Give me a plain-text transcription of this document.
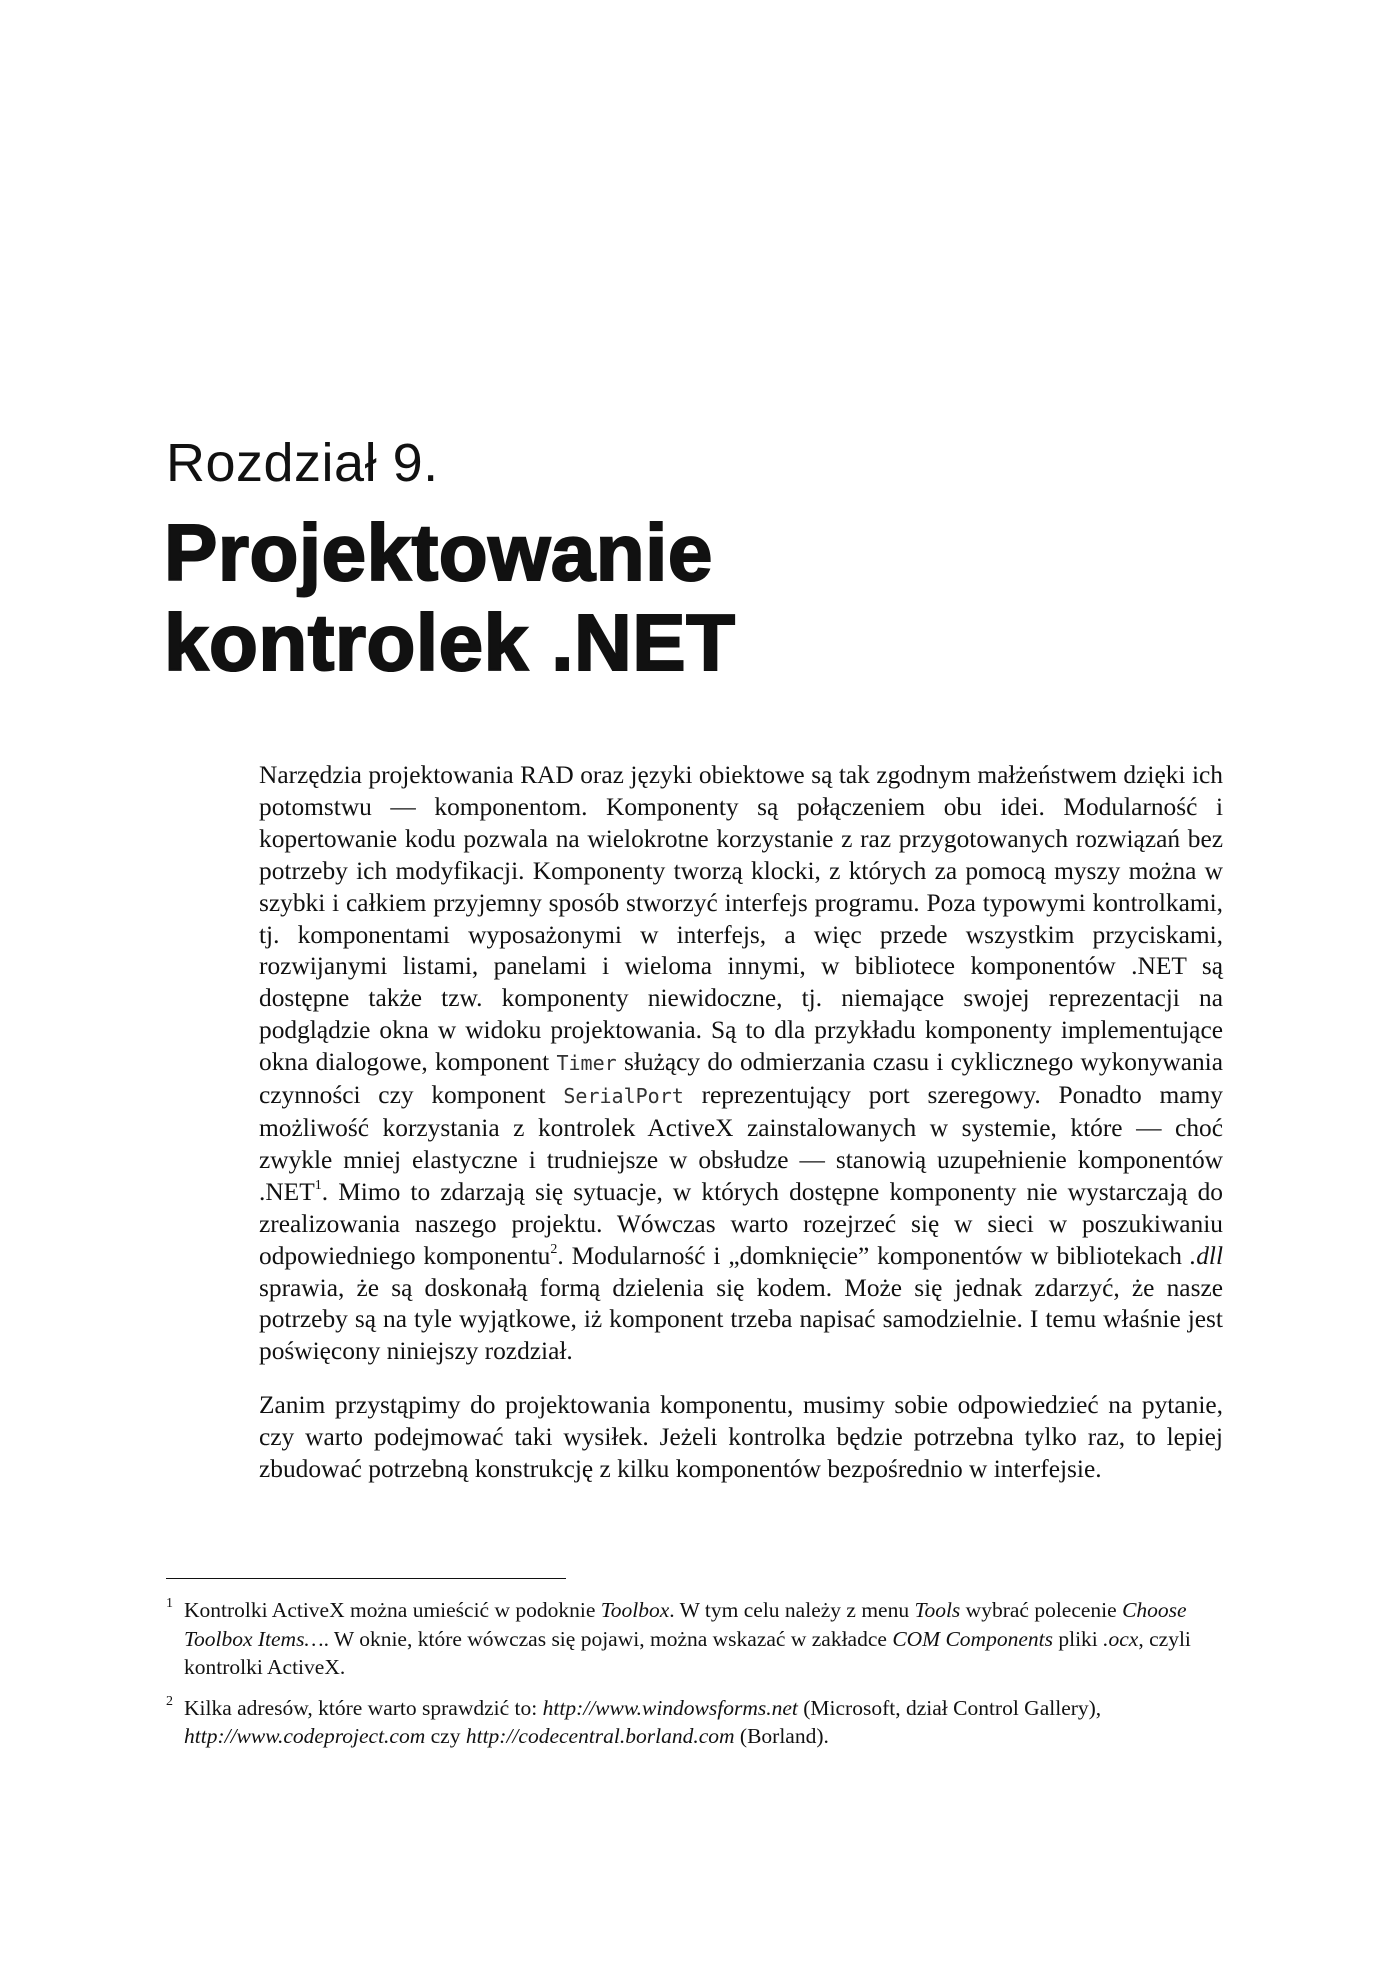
Rozdział 9.
Projektowanie
kontrolek .NET

Narzędzia projektowania RAD oraz języki obiektowe są tak zgodnym małżeństwem dzięki ich potomstwu — komponentom. Komponenty są połączeniem obu idei. Modularność i kopertowanie kodu pozwala na wielokrotne korzystanie z raz przygotowanych rozwiązań bez potrzeby ich modyfikacji. Komponenty tworzą klocki, z których za pomocą myszy można w szybki i całkiem przyjemny sposób stworzyć interfejs programu. Poza typowymi kontrolkami, tj. komponentami wyposażonymi w interfejs, a więc przede wszystkim przyciskami, rozwijanymi listami, panelami i wieloma innymi, w bibliotece komponentów .NET są dostępne także tzw. komponenty niewidoczne, tj. niemające swojej reprezentacji na podglądzie okna w widoku projektowania. Są to dla przykładu komponenty implementujące okna dialogowe, komponent Timer służący do odmierzania czasu i cyklicznego wykonywania czynności czy komponent SerialPort reprezentujący port szeregowy. Ponadto mamy możliwość korzystania z kontrolek ActiveX zainstalowanych w systemie, które — choć zwykle mniej elastyczne i trudniejsze w obsłudze — stanowią uzupełnienie komponentów .NET$^1$. Mimo to zdarzają się sytuacje, w których dostępne komponenty nie wystarczają do zrealizowania naszego projektu. Wówczas warto rozejrzeć się w sieci w poszukiwaniu odpowiedniego komponentu$^2$. Modularność i „domknięcie” komponentów w bibliotekach .dll sprawia, że są doskonałą formą dzielenia się kodem. Może się jednak zdarzyć, że nasze potrzeby są na tyle wyjątkowe, iż komponent trzeba napisać samodzielnie. I temu właśnie jest poświęcony niniejszy rozdział.

Zanim przystąpimy do projektowania komponentu, musimy sobie odpowiedzieć na pytanie, czy warto podejmować taki wysiłek. Jeżeli kontrolka będzie potrzebna tylko raz, to lepiej zbudować potrzebną konstrukcję z kilku komponentów bezpośrednio w interfejsie.

1 Kontrolki ActiveX można umieścić w podoknie Toolbox. W tym celu należy z menu Tools wybrać polecenie Choose Toolbox Items…. W oknie, które wówczas się pojawi, można wskazać w zakładce COM Components pliki .ocx, czyli kontrolki ActiveX.

2 Kilka adresów, które warto sprawdzić to: http://www.windowsforms.net (Microsoft, dział Control Gallery), http://www.codeproject.com czy http://codecentral.borland.com (Borland).
